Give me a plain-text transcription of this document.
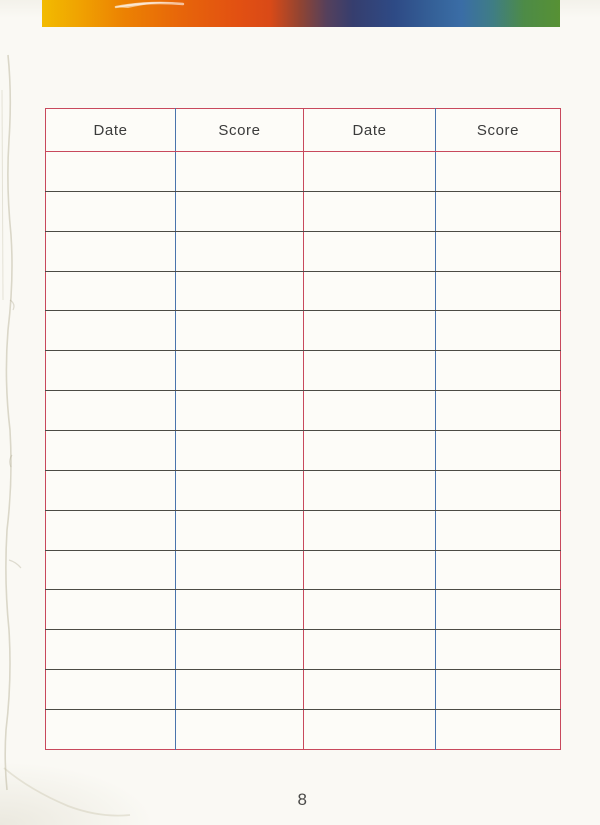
Date	Score	Date	Score

8
